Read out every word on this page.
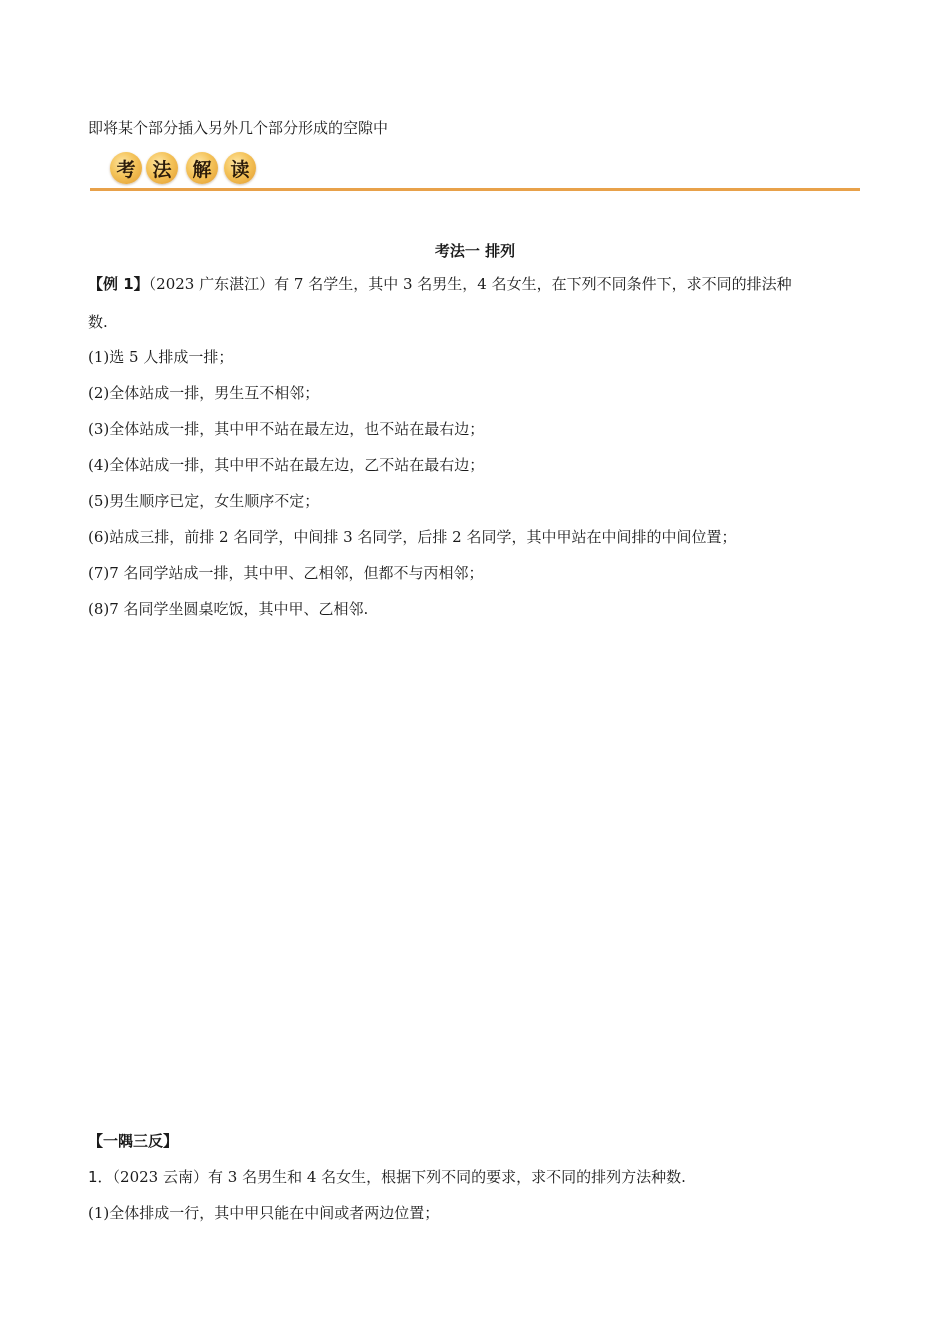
即将某个部分插入另外几个部分形成的空隙中
考 法	解 读
考法一 排列
【例 1】（2023 广东湛江）有 7 名学生，其中 3 名男生，4 名女生，在下列不同条件下，求不同的排法种
数.
(1)选 5 人排成一排；
(2)全体站成一排，男生互不相邻；
(3)全体站成一排，其中甲不站在最左边，也不站在最右边；
(4)全体站成一排，其中甲不站在最左边，乙不站在最右边；
(5)男生顺序已定，女生顺序不定；
(6)站成三排，前排 2 名同学，中间排 3 名同学，后排 2 名同学，其中甲站在中间排的中间位置；
(7)7 名同学站成一排，其中甲、乙相邻，但都不与丙相邻；
(8)7 名同学坐圆桌吃饭，其中甲、乙相邻.
【一隅三反】
1．（2023 云南）有 3 名男生和 4 名女生，根据下列不同的要求，求不同的排列方法种数.
(1)全体排成一行，其中甲只能在中间或者两边位置；
